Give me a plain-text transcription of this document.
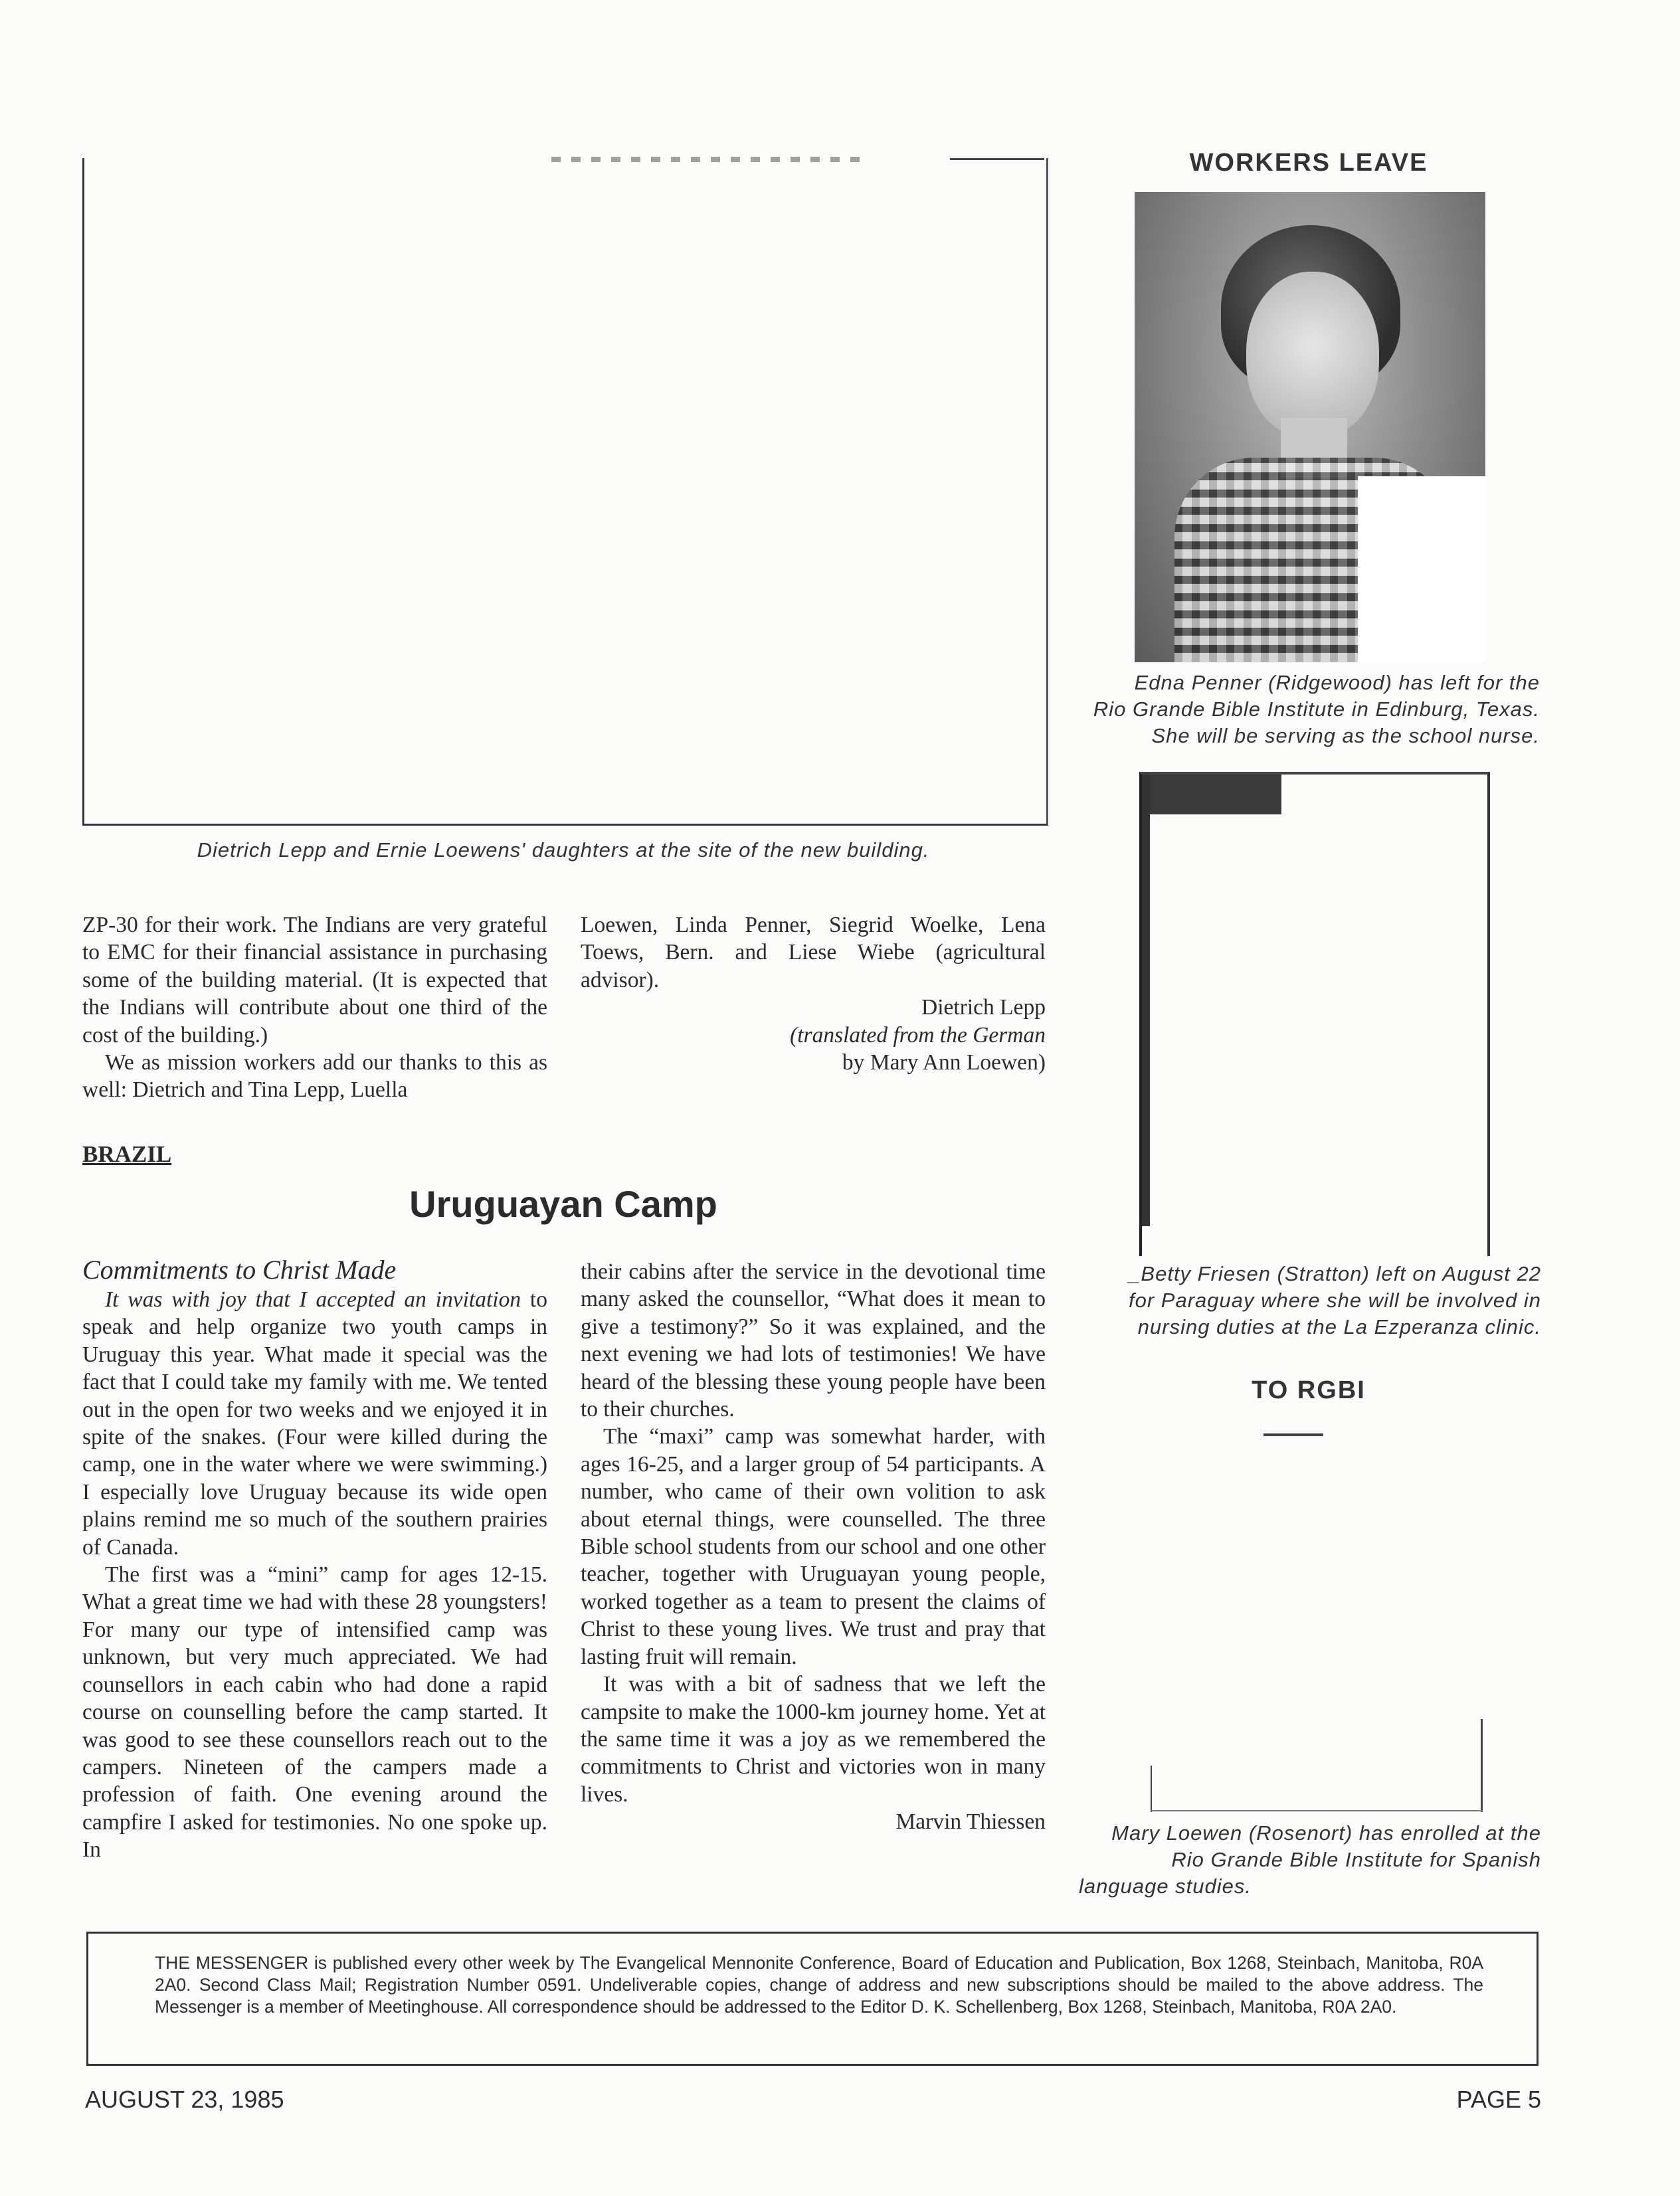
Dietrich Lepp and Ernie Loewens' daughters at the site of the new building.
WORKERS LEAVE
Edna Penner (Ridgewood) has left for the
Rio Grande Bible Institute in Edinburg, Texas.
She will be serving as the school nurse.
_Betty Friesen (Stratton) left on August 22
for Paraguay where she will be involved in
nursing duties at the La Ezperanza clinic.
TO RGBI
Mary Loewen (Rosenort) has enrolled at the
Rio Grande Bible Institute for Spanish
language studies.

ZP-30 for their work. The Indians are very grateful to EMC for their financial assistance in purchasing some of the building material. (It is expected that the Indians will contribute about one third of the cost of the building.)

We as mission workers add our thanks to this as well: Dietrich and Tina Lepp, Luella

Loewen, Linda Penner, Siegrid Woelke, Lena Toews, Bern. and Liese Wiebe (agricultural advisor).

Dietrich Lepp

(translated from the German

by Mary Ann Loewen)

BRAZIL
Uruguayan Camp
Commitments to Christ Made

It was with joy that I accepted an invitation to speak and help organize two youth camps in Uruguay this year. What made it special was the fact that I could take my family with me. We tented out in the open for two weeks and we enjoyed it in spite of the snakes. (Four were killed during the camp, one in the water where we were swimming.) I especially love Uruguay because its wide open plains remind me so much of the southern prairies of Canada.

The first was a “mini” camp for ages 12-15. What a great time we had with these 28 youngsters! For many our type of intensified camp was unknown, but very much appreciated. We had counsellors in each cabin who had done a rapid course on counselling before the camp started. It was good to see these counsellors reach out to the campers. Nineteen of the campers made a profession of faith. One evening around the campfire I asked for testimonies. No one spoke up. In

their cabins after the service in the devotional time many asked the counsellor, “What does it mean to give a testimony?” So it was explained, and the next evening we had lots of testimonies! We have heard of the blessing these young people have been to their churches.

The “maxi” camp was somewhat harder, with ages 16-25, and a larger group of 54 participants. A number, who came of their own volition to ask about eternal things, were counselled. The three Bible school students from our school and one other teacher, together with Uruguayan young people, worked together as a team to present the claims of Christ to these young lives. We trust and pray that lasting fruit will remain.

It was with a bit of sadness that we left the campsite to make the 1000-km journey home. Yet at the same time it was a joy as we remembered the commitments to Christ and victories won in many lives.

Marvin Thiessen

THE MESSENGER is published every other week by The Evangelical Mennonite Conference, Board of Education and Publication, Box 1268, Steinbach, Manitoba, R0A 2A0. Second Class Mail; Registration Number 0591. Undeliverable copies, change of address and new subscriptions should be mailed to the above address. The Messenger is a member of Meetinghouse. All correspondence should be addressed to the Editor D. K. Schellenberg, Box 1268, Steinbach, Manitoba, R0A 2A0.
AUGUST 23, 1985	PAGE 5
